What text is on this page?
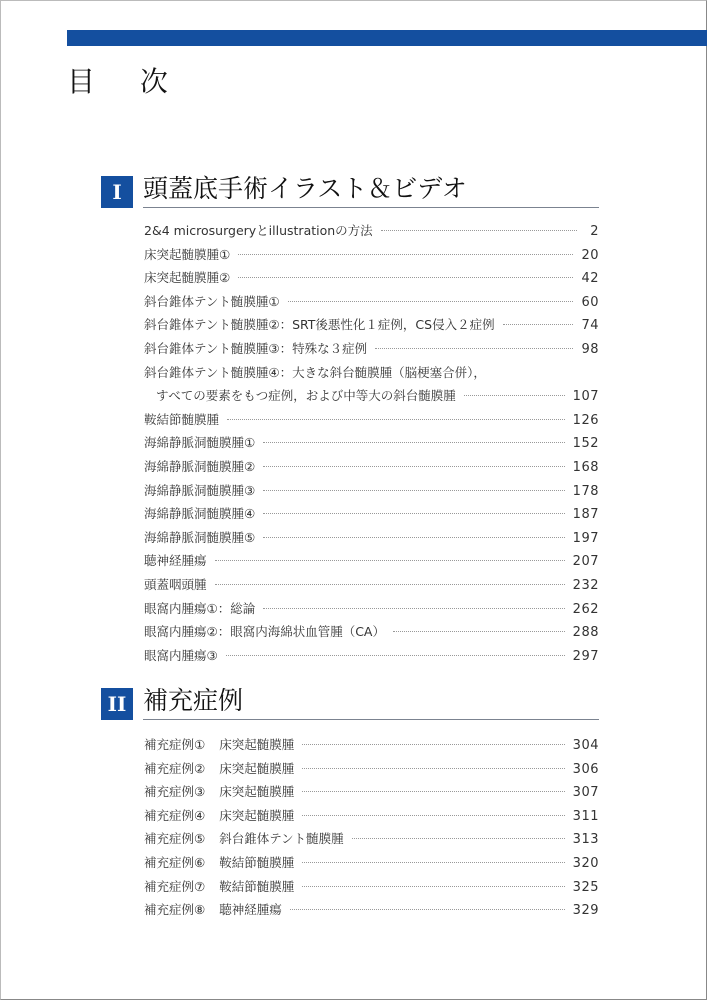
目 次
I 頭蓋底手術イラスト＆ビデオ
2&4 microsurgeryとillustrationの方法	2
床突起髄膜腫①	20
床突起髄膜腫②	42
斜台錐体テント髄膜腫①	60
斜台錐体テント髄膜腫②：SRT後悪性化１症例，CS侵入２症例	74
斜台錐体テント髄膜腫③：特殊な３症例	98
斜台錐体テント髄膜腫④：大きな斜台髄膜腫（脳梗塞合併），
すべての要素をもつ症例，および中等大の斜台髄膜腫	107
鞍結節髄膜腫	126
海綿静脈洞髄膜腫①	152
海綿静脈洞髄膜腫②	168
海綿静脈洞髄膜腫③	178
海綿静脈洞髄膜腫④	187
海綿静脈洞髄膜腫⑤	197
聴神経腫瘍	207
頭蓋咽頭腫	232
眼窩内腫瘍①：総論	262
眼窩内腫瘍②：眼窩内海綿状血管腫（CA）	288
眼窩内腫瘍③	297
II 補充症例
補充症例① 床突起髄膜腫	304
補充症例② 床突起髄膜腫	306
補充症例③ 床突起髄膜腫	307
補充症例④ 床突起髄膜腫	311
補充症例⑤ 斜台錐体テント髄膜腫	313
補充症例⑥ 鞍結節髄膜腫	320
補充症例⑦ 鞍結節髄膜腫	325
補充症例⑧ 聴神経腫瘍	329
